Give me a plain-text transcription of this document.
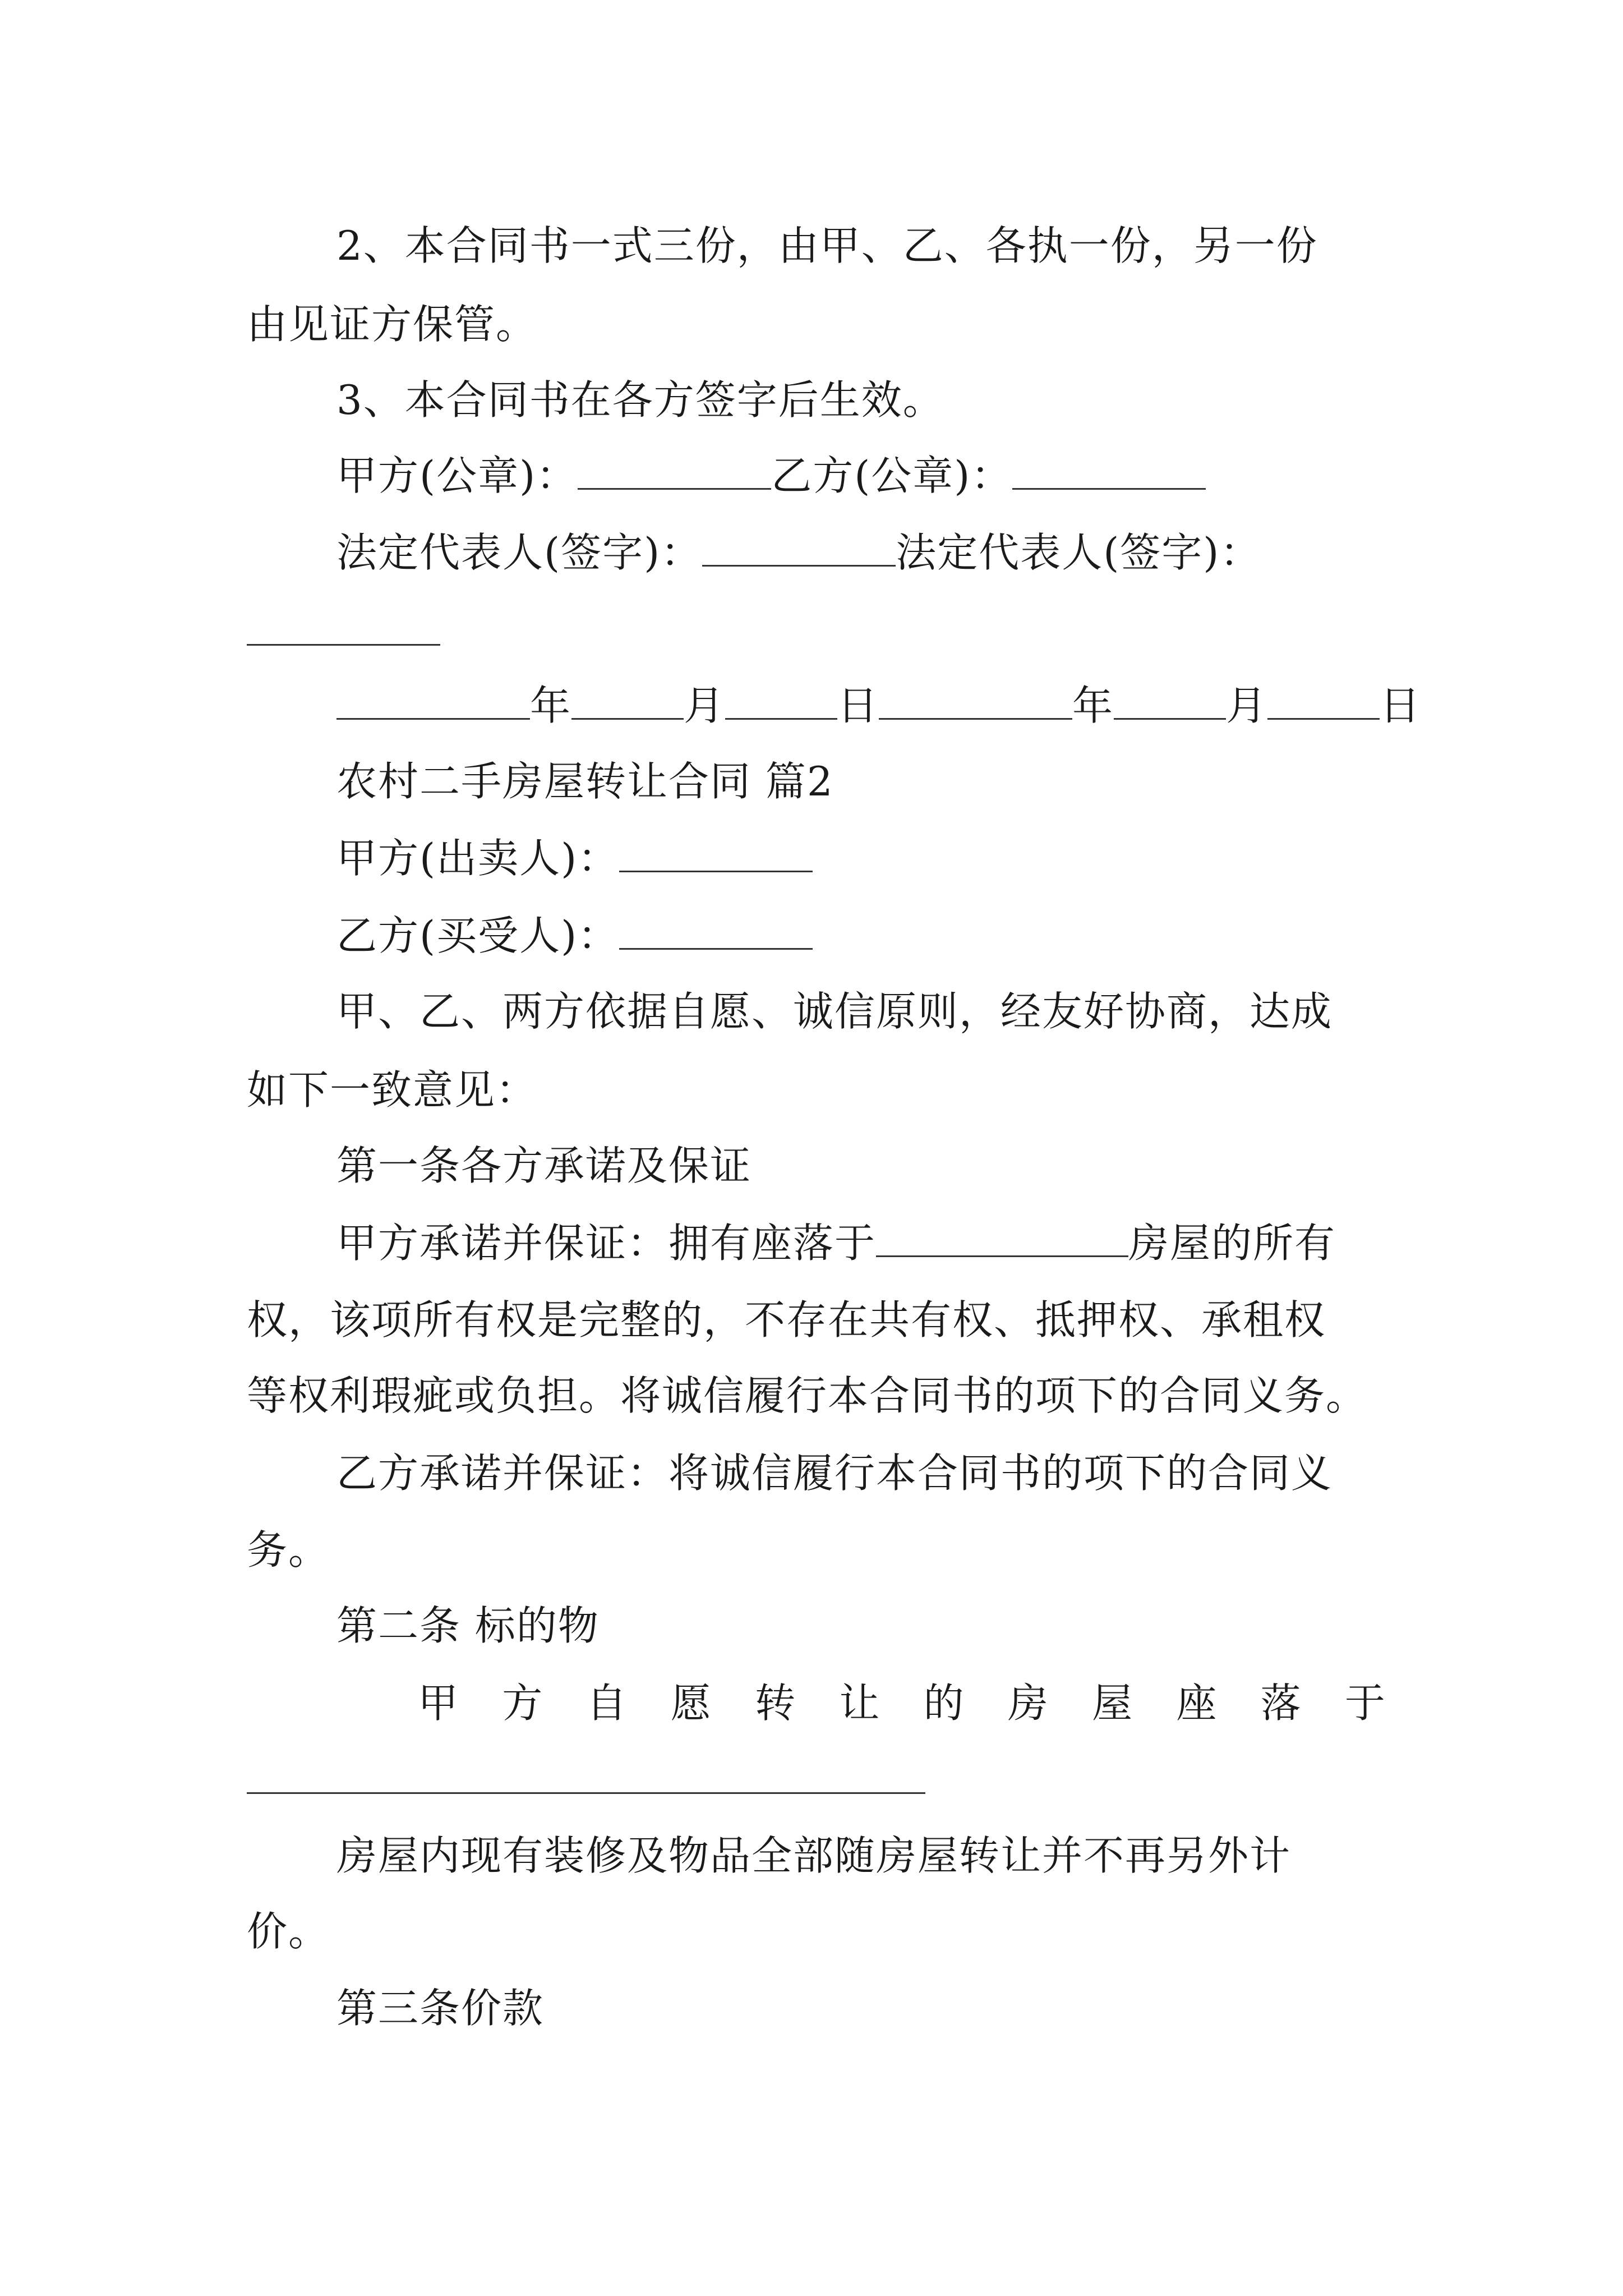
2、本合同书一式三份，由甲、乙、各执一份，另一份
由见证方保管。
3、本合同书在各方签字后生效。
甲方(公章)：	乙方(公章)：
法定代表人(签字)：	法定代表人(签字)：
年	月	日	年	月	日
农村二手房屋转让合同 篇2
甲方(出卖人)：
乙方(买受人)：
甲、乙、两方依据自愿、诚信原则，经友好协商，达成
如下一致意见：
第一条各方承诺及保证
甲方承诺并保证：拥有座落于	房屋的所有
权，该项所有权是完整的，不存在共有权、抵押权、承租权
等权利瑕疵或负担。将诚信履行本合同书的项下的合同义务。
乙方承诺并保证：将诚信履行本合同书的项下的合同义
务。
第二条 标的物
甲 方 自 愿 转 让 的 房 屋 座 落 于
房屋内现有装修及物品全部随房屋转让并不再另外计
价。
第三条价款
